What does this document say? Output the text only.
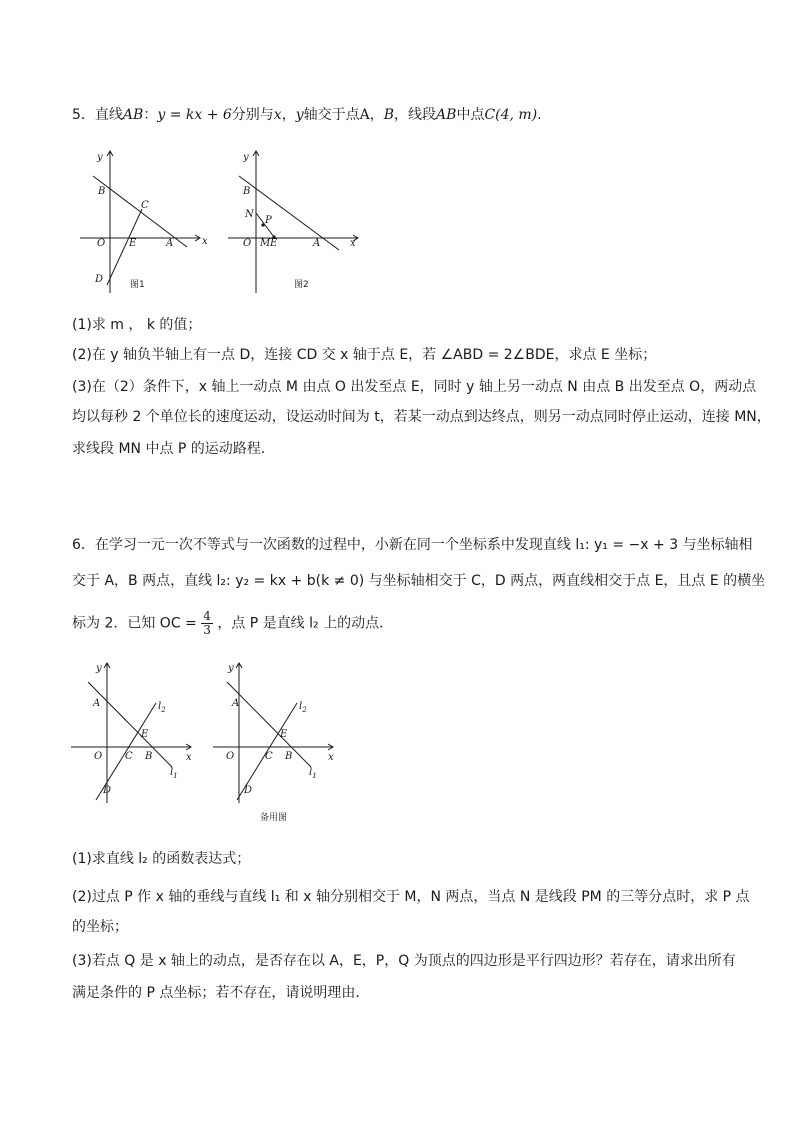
5．直线AB：y = kx + 6分别与x，y轴交于点A，B，线段AB中点C(4, m).
y
x
B
C
O E	A
D	图1
y
x
B
N
P
O M E	A
图2
(1)求 m ， k 的值；
(2)在 y 轴负半轴上有一点 D，连接 CD 交 x 轴于点 E，若 ∠ABD = 2∠BDE，求点 E 坐标；
(3)在（2）条件下，x 轴上一动点 M 由点 O 出发至点 E，同时 y 轴上另一动点 N 由点 B 出发至点 O，两动点
均以每秒 2 个单位长的速度运动，设运动时间为 t，若某一动点到达终点，则另一动点同时停止运动，连接 MN，
求线段 MN 中点 P 的运动路程．
6．在学习一元一次不等式与一次函数的过程中，小新在同一个坐标系中发现直线 l₁: y₁ = −x + 3 与坐标轴相
交于 A，B 两点，直线 l₂: y₂ = kx + b(k ≠ 0) 与坐标轴相交于 C，D 两点，两直线相交于点 E，且点 E 的横坐
标为 2．已知 OC = $\frac{4}{3}$ ，点 P 是直线 l₂ 上的动点．
y
x
A	$l_2$
E
O C B
$l_1$
D
y
x
A	$l_2$
E
O	C B
$l_1$
D
备用图
(1)求直线 l₂ 的函数表达式；
(2)过点 P 作 x 轴的垂线与直线 l₁ 和 x 轴分别相交于 M，N 两点，当点 N 是线段 PM 的三等分点时，求 P 点
的坐标；
(3)若点 Q 是 x 轴上的动点，是否存在以 A，E，P，Q 为顶点的四边形是平行四边形？若存在，请求出所有
满足条件的 P 点坐标；若不存在，请说明理由．
